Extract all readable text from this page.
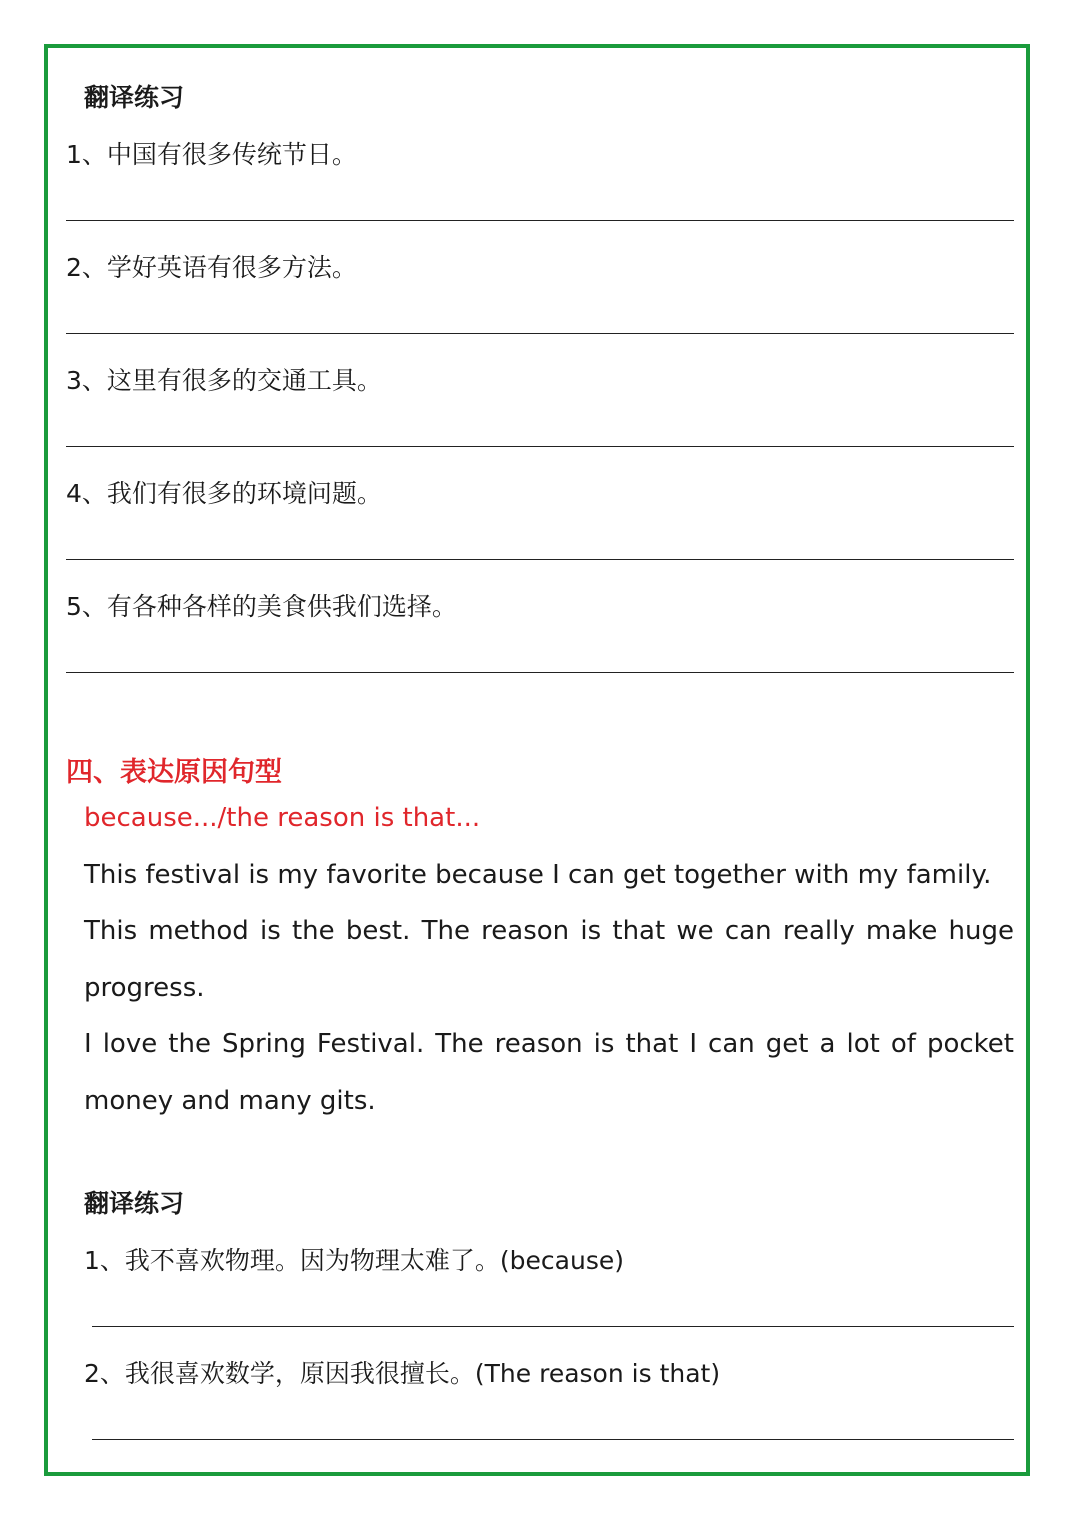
翻译练习
1、中国有很多传统节日。
2、学好英语有很多方法。
3、这里有很多的交通工具。
4、我们有很多的环境问题。
5、有各种各样的美食供我们选择。
四、表达原因句型
because.../the reason is that...
This festival is my favorite because I can get together with my family.
This method is the best. The reason is that we can really make huge progress.
I love the Spring Festival. The reason is that I can get a lot of pocket money and many gits.
翻译练习
1、我不喜欢物理。因为物理太难了。(because)
2、我很喜欢数学，原因我很擅长。(The reason is that)
